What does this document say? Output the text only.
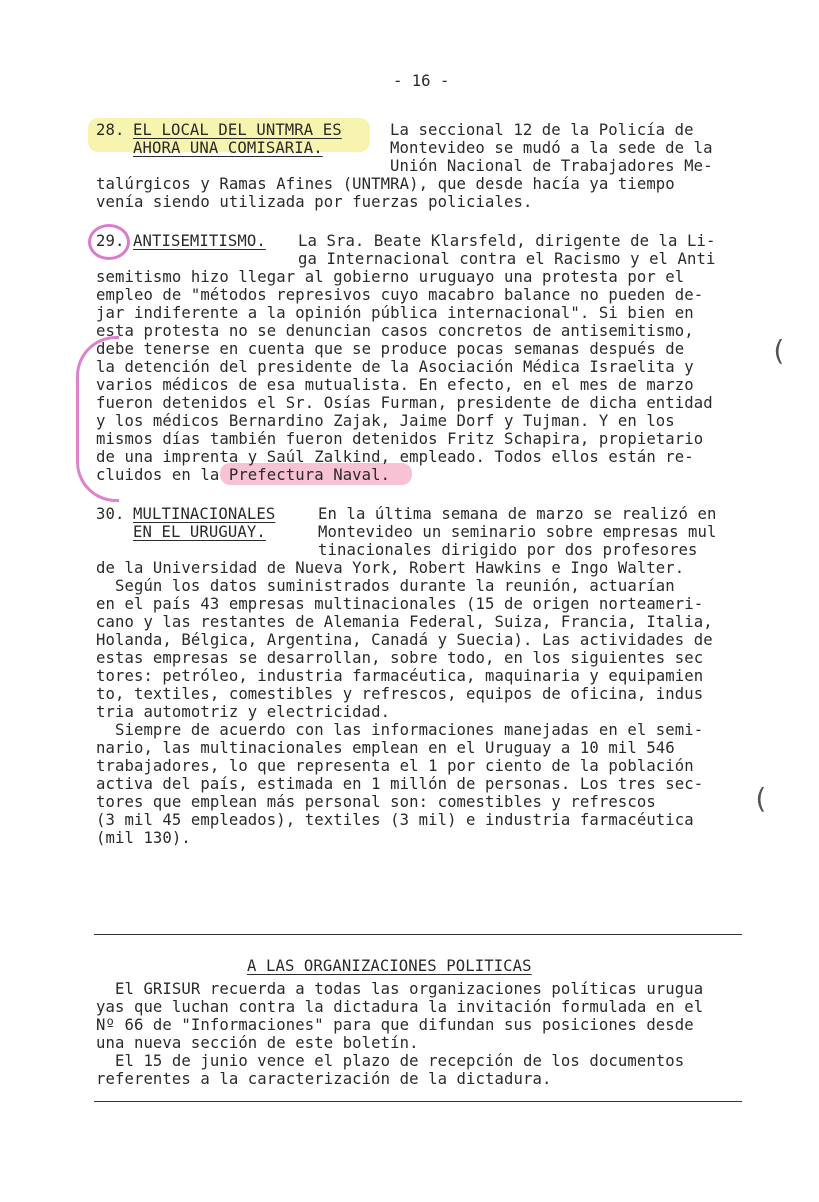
- 16 -
28. EL LOCAL DEL UNTMRA ES
AHORA UNA COMISARIA.
La seccional 12 de la Policía de
Montevideo se mudó a la sede de la
Unión Nacional de Trabajadores Me-
talúrgicos y Ramas Afines (UNTMRA), que desde hacía ya tiempo
venía siendo utilizada por fuerzas policiales.
29. ANTISEMITISMO. La Sra. Beate Klarsfeld, dirigente de la Li-
ga Internacional contra el Racismo y el Anti
semitismo hizo llegar al gobierno uruguayo una protesta por el
empleo de "métodos represivos cuyo macabro balance no pueden de-
jar indiferente a la opinión pública internacional". Si bien en
esta protesta no se denuncian casos concretos de antisemitismo,
debe tenerse en cuenta que se produce pocas semanas después de
la detención del presidente de la Asociación Médica Israelita y
varios médicos de esa mutualista. En efecto, en el mes de marzo
fueron detenidos el Sr. Osías Furman, presidente de dicha entidad
y los médicos Bernardino Zajak, Jaime Dorf y Tujman. Y en los
mismos días también fueron detenidos Fritz Schapira, propietario
de una imprenta y Saúl Zalkind, empleado. Todos ellos están re-
cluidos en la Prefectura Naval.
(
30. MULTINACIONALES
EN EL URUGUAY.
En la última semana de marzo se realizó en
Montevideo un seminario sobre empresas mul
tinacionales dirigido por dos profesores
de la Universidad de Nueva York, Robert Hawkins e Ingo Walter.
Según los datos suministrados durante la reunión, actuarían
en el país 43 empresas multinacionales (15 de origen norteameri-
cano y las restantes de Alemania Federal, Suiza, Francia, Italia,
Holanda, Bélgica, Argentina, Canadá y Suecia). Las actividades de
estas empresas se desarrollan, sobre todo, en los siguientes sec
tores: petróleo, industria farmacéutica, maquinaria y equipamien
to, textiles, comestibles y refrescos, equipos de oficina, indus
tria automotriz y electricidad.
Siempre de acuerdo con las informaciones manejadas en el semi-
nario, las multinacionales emplean en el Uruguay a 10 mil 546
trabajadores, lo que representa el 1 por ciento de la población
activa del país, estimada en 1 millón de personas. Los tres sec-
tores que emplean más personal son: comestibles y refrescos
(3 mil 45 empleados), textiles (3 mil) e industria farmacéutica
(mil 130).
(
A LAS ORGANIZACIONES POLITICAS
El GRISUR recuerda a todas las organizaciones políticas urugua
yas que luchan contra la dictadura la invitación formulada en el
Nº 66 de "Informaciones" para que difundan sus posiciones desde
una nueva sección de este boletín.
El 15 de junio vence el plazo de recepción de los documentos
referentes a la caracterización de la dictadura.
